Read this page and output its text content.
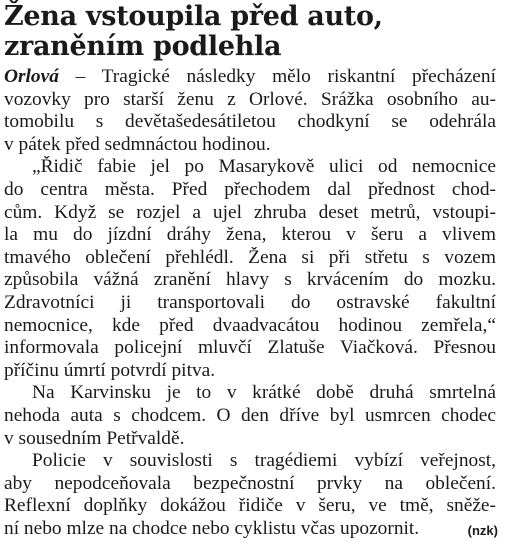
Žena vstoupila před auto,
zraněním podlehla
Orlová – Tragické následky mělo riskantní přecházení
vozovky pro starší ženu z Orlové. Srážka osobního au-
tomobilu s devětašedesátiletou chodkyní se odehrála
v pátek před sedmnáctou hodinou.
„Řidič fabie jel po Masarykově ulici od nemocnice
do centra města. Před přechodem dal přednost chod-
cům. Když se rozjel a ujel zhruba deset metrů, vstoupi-
la mu do jízdní dráhy žena, kterou v šeru a vlivem
tmavého oblečení přehlédl. Žena si při střetu s vozem
způsobila vážná zranění hlavy s krvácením do mozku.
Zdravotníci ji transportovali do ostravské fakultní
nemocnice, kde před dvaadvacátou hodinou zemřela,“
informovala policejní mluvčí Zlatuše Viačková. Přesnou
příčinu úmrtí potvrdí pitva.
Na Karvinsku je to v krátké době druhá smrtelná
nehoda auta s chodcem. O den dříve byl usmrcen chodec
v sousedním Petřvaldě.
Policie v souvislosti s tragédiemi vybízí veřejnost,
aby nepodceňovala bezpečnostní prvky na oblečení.
Reflexní doplňky dokážou řidiče v šeru, ve tmě, sněže-
ní nebo mlze na chodce nebo cyklistu včas upozornit.	(nzk)
